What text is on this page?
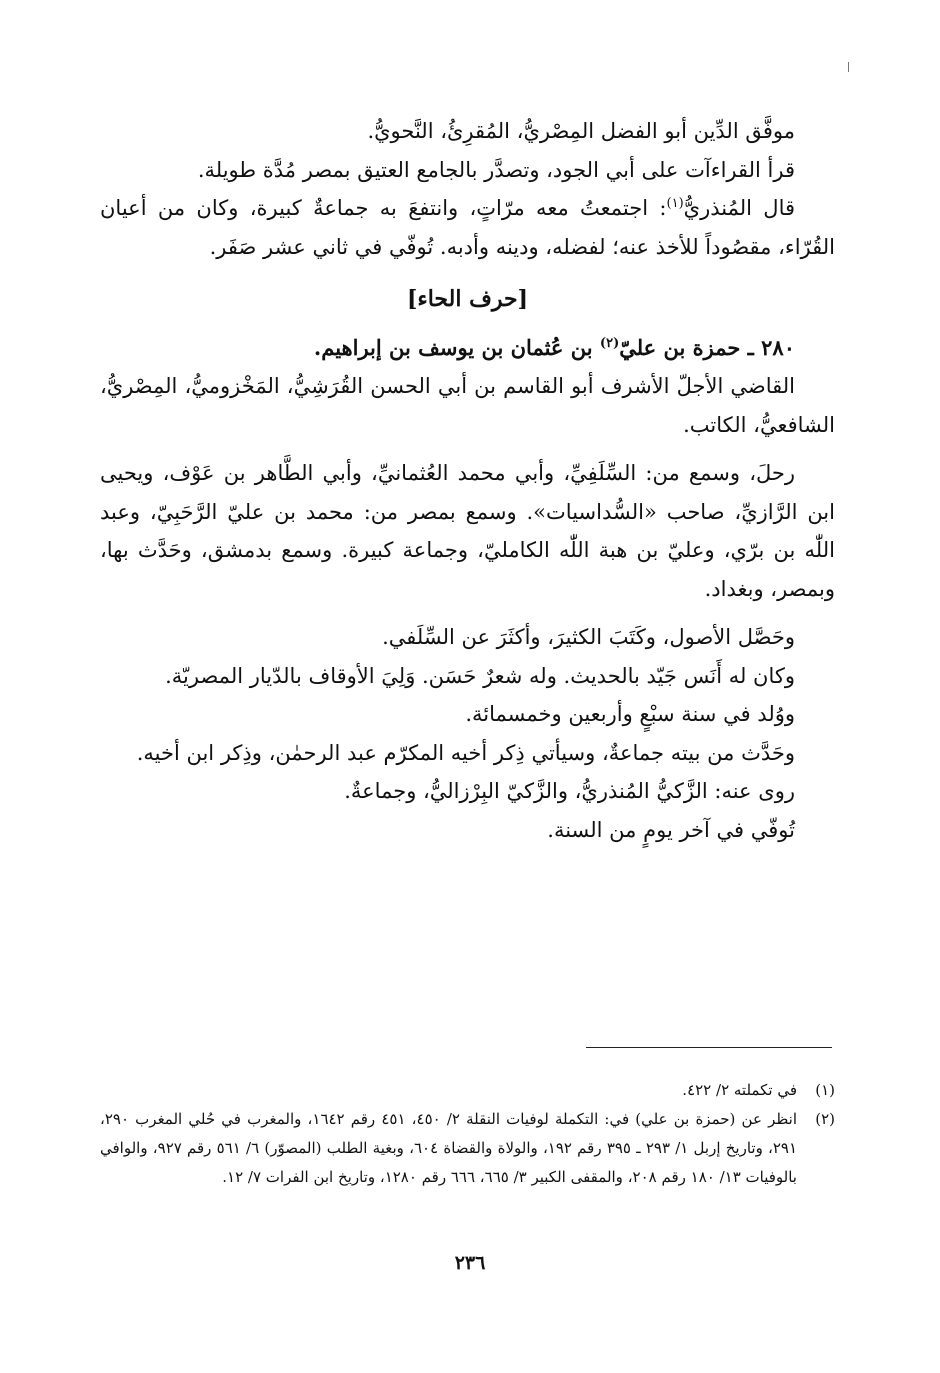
موفَّق الدِّين أبو الفضل المِصْريُّ، المُقرِئُ، النَّحويُّ.

قرأ القراءآت على أبي الجود، وتصدَّر بالجامع العتيق بمصر مُدَّة طويلة.

قال المُنذريُّ$^{(١)}$: اجتمعتُ معه مرّاتٍ، وانتفعَ به جماعةٌ كبيرة، وكان من أعيان القُرّاء، مقصُوداً للأخذ عنه؛ لفضله، ودينه وأدبه. تُوفّي في ثاني عشر صَفَر.

[حرف الحاء]

٢٨٠ ـ حمزة بن عليّ$^{(٢)}$ بن عُثمان بن يوسف بن إبراهيم.

القاضي الأجلّ الأشرف أبو القاسم بن أبي الحسن القُرَشِيُّ، المَخْزوميُّ، المِصْريُّ، الشافعيُّ، الكاتب.

رحلَ، وسمع من: السِّلَفِيِّ، وأبي محمد العُثمانيِّ، وأبي الطَّاهر بن عَوْف، ويحيى ابن الرَّازيِّ، صاحب «السُّداسيات». وسمع بمصر من: محمد بن عليّ الرَّحَبِيّ، وعبد اللّٰه بن برّي، وعليّ بن هبة اللّٰه الكامليّ، وجماعة كبيرة. وسمع بدمشق، وحَدَّث بها، وبمصر، وبغداد.

وحَصَّل الأصول، وكَتَبَ الكثيرَ، وأكثَرَ عن السِّلَفي.

وكان له أَنَس جَيّد بالحديث. وله شعرٌ حَسَن. وَلِيَ الأوقاف بالدّيار المصريّة.

ووُلد في سنة سبْعٍ وأربعين وخمسمائة.

وحَدَّث من بيته جماعةٌ، وسيأتي ذِكر أخيه المكرّم عبد الرحمٰن، وذِكر ابن أخيه.

روى عنه: الزَّكيُّ المُنذريُّ، والزَّكيّ البِرْزاليُّ، وجماعةٌ.

تُوفّي في آخر يومٍ من السنة.

(١)
في تكملته ٢/ ٤٢٢.
(٢)
انظر عن (حمزة بن علي) في: التكملة لوفيات النقلة ٢/ ٤٥٠، ٤٥١ رقم ١٦٤٢، والمغرب في حُلي المغرب ٢٩٠، ٢٩١، وتاريخ إربل ١/ ٢٩٣ ـ ٣٩٥ رقم ١٩٢، والولاة والقضاة ٦٠٤، وبغية الطلب (المصوّر) ٦/ ٥٦١ رقم ٩٢٧، والوافي بالوفيات ١٣/ ١٨٠ رقم ٢٠٨، والمقفى الكبير ٣/ ٦٦٥، ٦٦٦ رقم ١٢٨٠، وتاريخ ابن الفرات ٧/ ١٢.
٢٣٦
